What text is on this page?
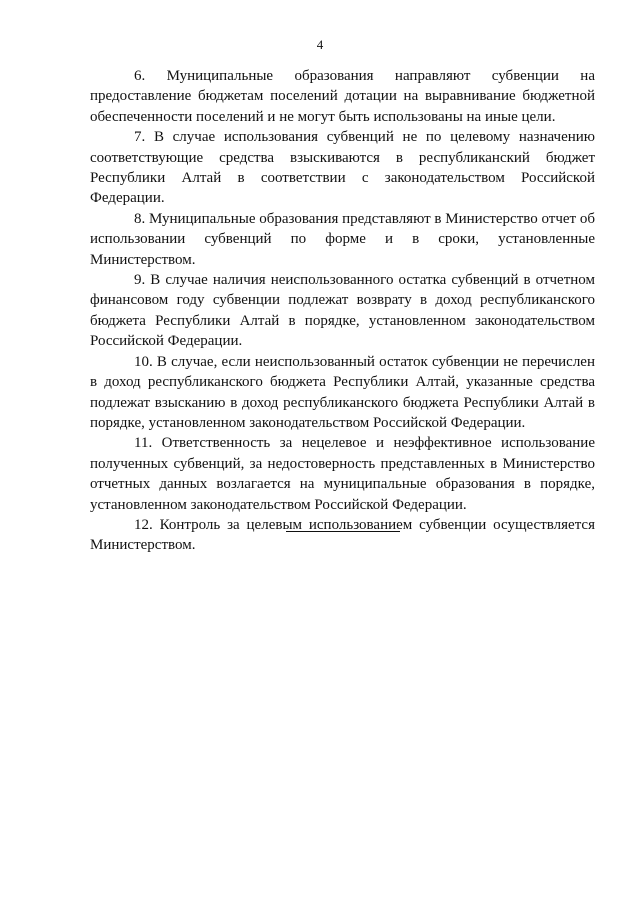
4

6. Муниципальные образования направляют субвенции на предоставление бюджетам поселений дотации на выравнивание бюджетной обеспеченности поселений и не могут быть использованы на иные цели.

7. В случае использования субвенций не по целевому назначению соответствующие средства взыскиваются в республиканский бюджет Республики Алтай в соответствии с законодательством Российской Федерации.

8. Муниципальные образования представляют в Министерство отчет об использовании субвенций по форме и в сроки, установленные Министерством.

9. В случае наличия неиспользованного остатка субвенций в отчетном финансовом году субвенции подлежат возврату в доход республиканского бюджета Республики Алтай в порядке, установленном законодательством Российской Федерации.

10. В случае, если неиспользованный остаток субвенции не перечислен в доход республиканского бюджета Республики Алтай, указанные средства подлежат взысканию в доход республиканского бюджета Республики Алтай в порядке, установленном законодательством Российской Федерации.

11. Ответственность за нецелевое и неэффективное использование полученных субвенций, за недостоверность представленных в Министерство отчетных данных возлагается на муниципальные образования в порядке, установленном законодательством Российской Федерации.

12. Контроль за целевым использованием субвенции осуществляется Министерством.
